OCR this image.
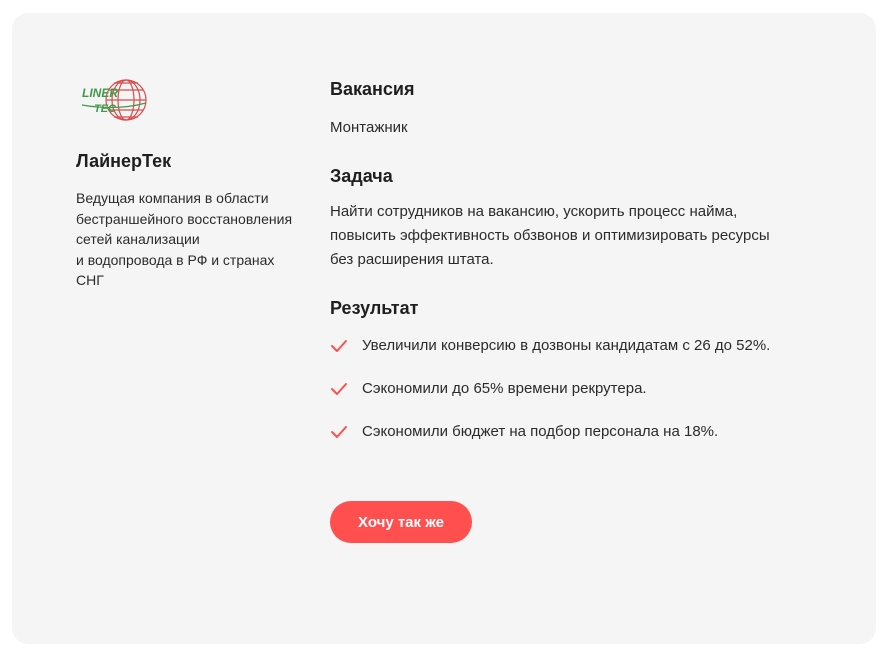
LINER
TEC
ЛайнерТек
Ведущая компания в области
бестраншейного восстановления
сетей канализации
и водопровода в РФ и странах
СНГ
Вакансия
Монтажник
Задача
Найти сотрудников на вакансию, ускорить процесс найма,
повысить эффективность обзвонов и оптимизировать ресурсы
без расширения штата.
Результат
Увеличили конверсию в дозвоны кандидатам с 26 до 52%.
Сэкономили до 65% времени рекрутера.
Сэкономили бюджет на подбор персонала на 18%.
Хочу так же
